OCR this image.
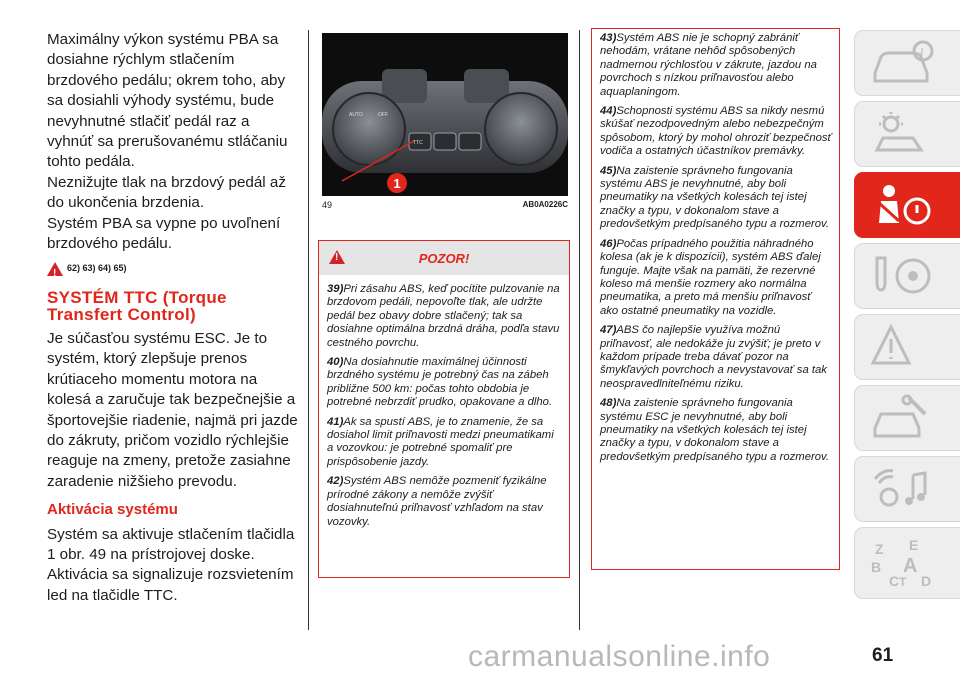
Maximálny výkon systému PBA sa dosiahne rýchlym stlačením brzdového pedálu; okrem toho, aby sa dosiahli výhody systému, bude nevyhnutné stlačiť pedál raz a vyhnúť sa prerušovanému stláčaniu tohto pedála.

Neznižujte tlak na brzdový pedál až do ukončenia brzdenia.

Systém PBA sa vypne po uvoľnení brzdového pedálu.

!
62) 63) 64) 65)
SYSTÉM TTC (Torque Transfert Control)

Je súčasťou systému ESC. Je to systém, ktorý zlepšuje prenos krútiaceho momentu motora na kolesá a zaručuje tak bezpečnejšie a športovejšie riadenie, najmä pri jazde do zákruty, pričom vozidlo rýchlejšie reaguje na zmeny, pretože zasiahne zaradenie nižšieho prevodu.

Aktivácia systému

Systém sa aktivuje stlačením tlačidla 1 obr. 49 na prístrojovej doske. Aktivácia sa signalizuje rozsvietením led na tlačidle TTC.

1
AUTO	OFF
TTC
49	AB0A0226C
!
POZOR!

39)Pri zásahu ABS, keď pocítite pulzovanie na brzdovom pedáli, nepovoľte tlak, ale udržte pedál bez obavy dobre stlačený; tak sa dosiahne optimálna brzdná dráha, podľa stavu cestného povrchu.

40)Na dosiahnutie maximálnej účinnosti brzdného systému je potrebný čas na zábeh približne 500 km: počas tohto obdobia je potrebné nebrzdiť prudko, opakovane a dlho.

41)Ak sa spustí ABS, je to znamenie, že sa dosiahol limit priľnavosti medzi pneumatikami a vozovkou: je potrebné spomaliť pre prispôsobenie jazdy.

42)Systém ABS nemôže pozmeniť fyzikálne prírodné zákony a nemôže zvýšiť dosiahnuteľnú priľnavosť vzhľadom na stav vozovky.

43)Systém ABS nie je schopný zabrániť nehodám, vrátane nehôd spôsobených nadmernou rýchlosťou v zákrute, jazdou na povrchoch s nízkou priľnavosťou alebo aquaplaningom.

44)Schopnosti systému ABS sa nikdy nesmú skúšať nezodpovedným alebo nebezpečným spôsobom, ktorý by mohol ohroziť bezpečnosť vodiča a ostatných účastníkov premávky.

45)Na zaistenie správneho fungovania systému ABS je nevyhnutné, aby boli pneumatiky na všetkých kolesách tej istej značky a typu, v dokonalom stave a predovšetkým predpísaného typu a rozmerov.

46)Počas prípadného použitia náhradného kolesa (ak je k dispozícii), systém ABS ďalej funguje. Majte však na pamäti, že rezervné koleso má menšie rozmery ako normálna pneumatika, a preto má menšiu priľnavosť ako ostatné pneumatiky na vozidle.

47)ABS čo najlepšie využíva možnú priľnavosť, ale nedokáže ju zvýšiť; je preto v každom prípade treba dávať pozor na šmykľavých povrchoch a nevystavovať sa tak neospravedlniteľnému riziku.

48)Na zaistenie správneho fungovania systému ESC je nevyhnutné, aby boli pneumatiky na všetkých kolesách tej istej značky a typu, v dokonalom stave a predovšetkým predpísaného typu a rozmerov.

i
Z E
B A
C T D
61
carmanualsonline.info
